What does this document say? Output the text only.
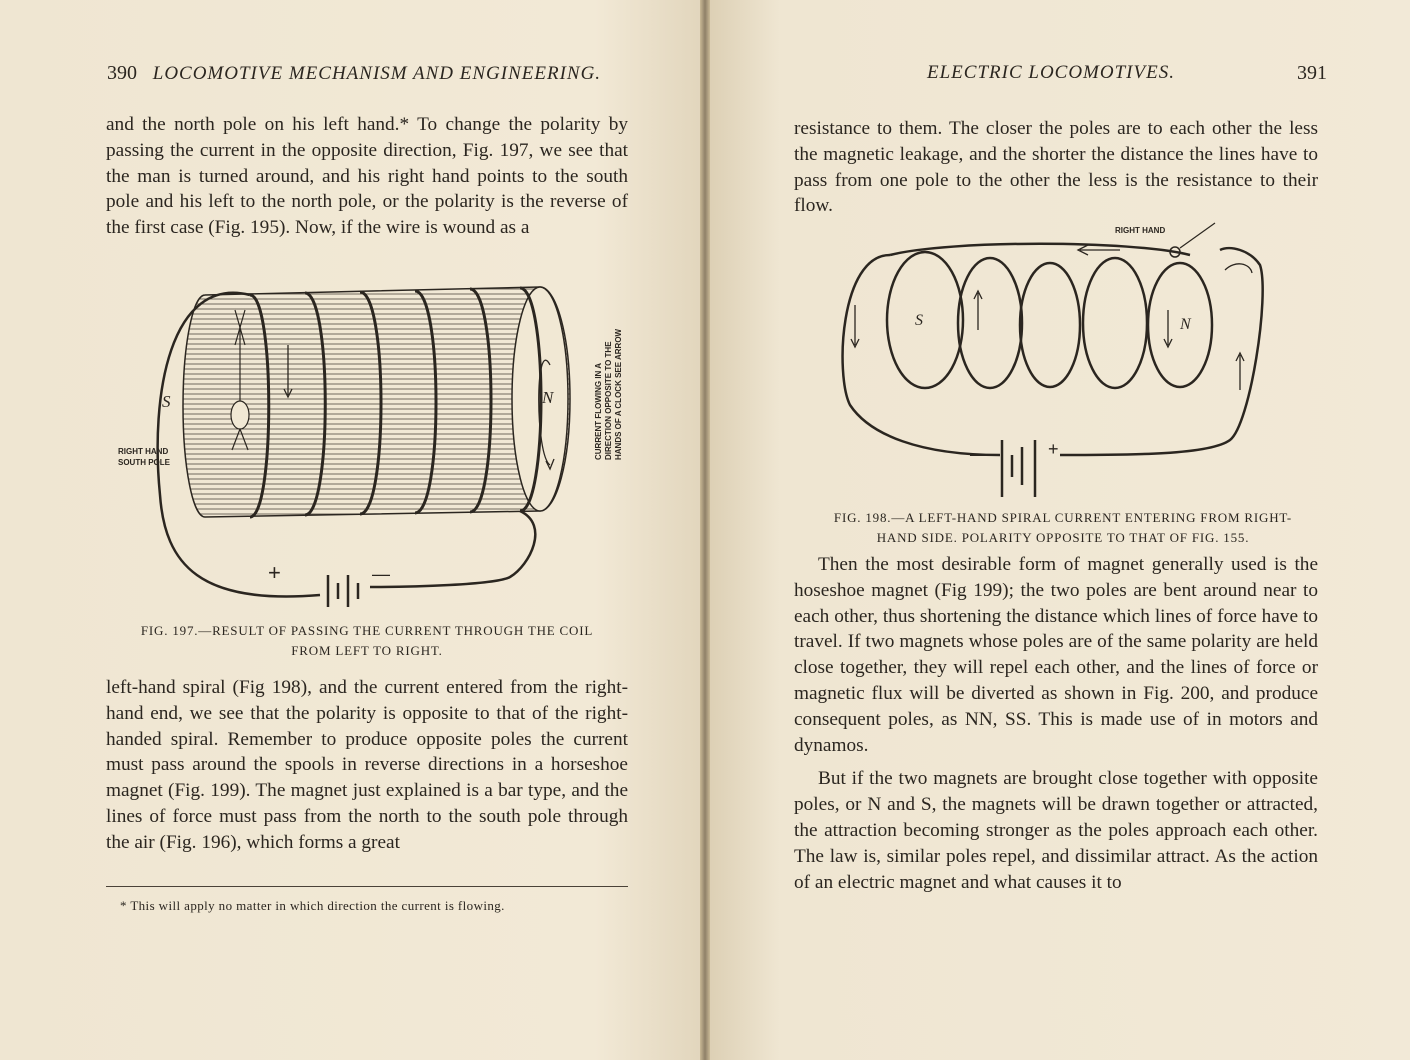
390 LOCOMOTIVE MECHANISM AND ENGINEERING.

and the north pole on his left hand.* To change the polarity by passing the current in the opposite direction, Fig. 197, we see that the man is turned around, and his right hand points to the south pole and his left to the north pole, or the polarity is the reverse of the first case (Fig. 195). Now, if the wire is wound as a

S	N
RIGHT HAND
SOUTH POLE
+	—
CURRENT FLOWING IN A DIRECTION OPPOSITE TO THE HANDS OF A CLOCK SEE ARROW
FIG. 197.—RESULT OF PASSING THE CURRENT THROUGH THE COIL
FROM LEFT TO RIGHT.

left-hand spiral (Fig 198), and the current entered from the right-hand end, we see that the polarity is opposite to that of the right-handed spiral. Remember to produce opposite poles the current must pass around the spools in reverse directions in a horseshoe magnet (Fig. 199). The magnet just explained is a bar type, and the lines of force must pass from the north to the south pole through the air (Fig. 196), which forms a great

* This will apply no matter in which direction the current is flowing.
ELECTRIC LOCOMOTIVES.	391

resistance to them. The closer the poles are to each other the less the magnetic leakage, and the shorter the distance the lines have to pass from one pole to the other the less is the resistance to their flow.

RIGHT HAND
S	N
—	+
FIG. 198.—A LEFT-HAND SPIRAL CURRENT ENTERING FROM RIGHT-
HAND SIDE. POLARITY OPPOSITE TO THAT OF FIG. 155.

Then the most desirable form of magnet generally used is the hoseshoe magnet (Fig 199); the two poles are bent around near to each other, thus shortening the distance which lines of force have to travel. If two magnets whose poles are of the same polarity are held close together, they will repel each other, and the lines of force or magnetic flux will be diverted as shown in Fig. 200, and produce consequent poles, as NN, SS. This is made use of in motors and dynamos.

But if the two magnets are brought close together with opposite poles, or N and S, the magnets will be drawn together or attracted, the attraction becoming stronger as the poles approach each other. The law is, similar poles repel, and dissimilar attract. As the action of an electric magnet and what causes it to
